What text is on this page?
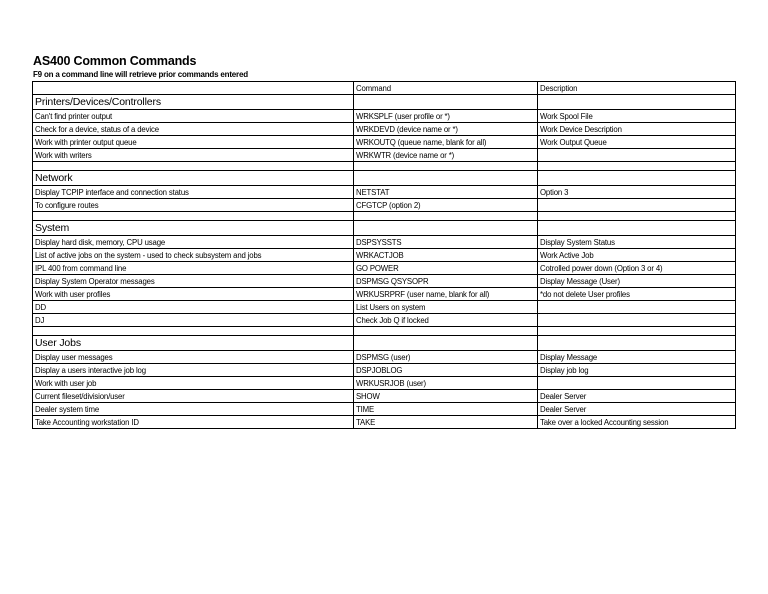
AS400 Common Commands
F9 on a command line will retrieve prior commands entered
	Command	Description
Printers/Devices/Controllers		
Can't find printer output	WRKSPLF (user profile or *)	Work Spool File
Check for a device, status of a device	WRKDEVD (device name or *)	Work Device Description
Work with printer output queue	WRKOUTQ (queue name, blank for all)	Work Output Queue
Work with writers	WRKWTR (device name or *)	

Network		
Display TCPIP interface and connection status	NETSTAT	Option 3
To configure routes	CFGTCP (option 2)	

System		
Display hard disk, memory, CPU usage	DSPSYSSTS	Display System Status
List of active jobs on the system - used to check subsystem and jobs	WRKACTJOB	Work Active Job
IPL 400 from command line	GO POWER	Cotrolled power down (Option 3 or 4)
Display System Operator messages	DSPMSG QSYSOPR	Display Message (User)
Work with user profiles	WRKUSRPRF (user name, blank for all)	*do not delete User profiles
DD	List Users on system	
DJ	Check Job Q if locked	

User Jobs		
Display user messages	DSPMSG (user)	Display Message
Display a users interactive job log	DSPJOBLOG	Display job log
Work with user job	WRKUSRJOB (user)	
Current fileset/division/user	SHOW	Dealer Server
Dealer system time	TIME	Dealer Server
Take Accounting workstation ID	TAKE	Take over a locked Accounting session
